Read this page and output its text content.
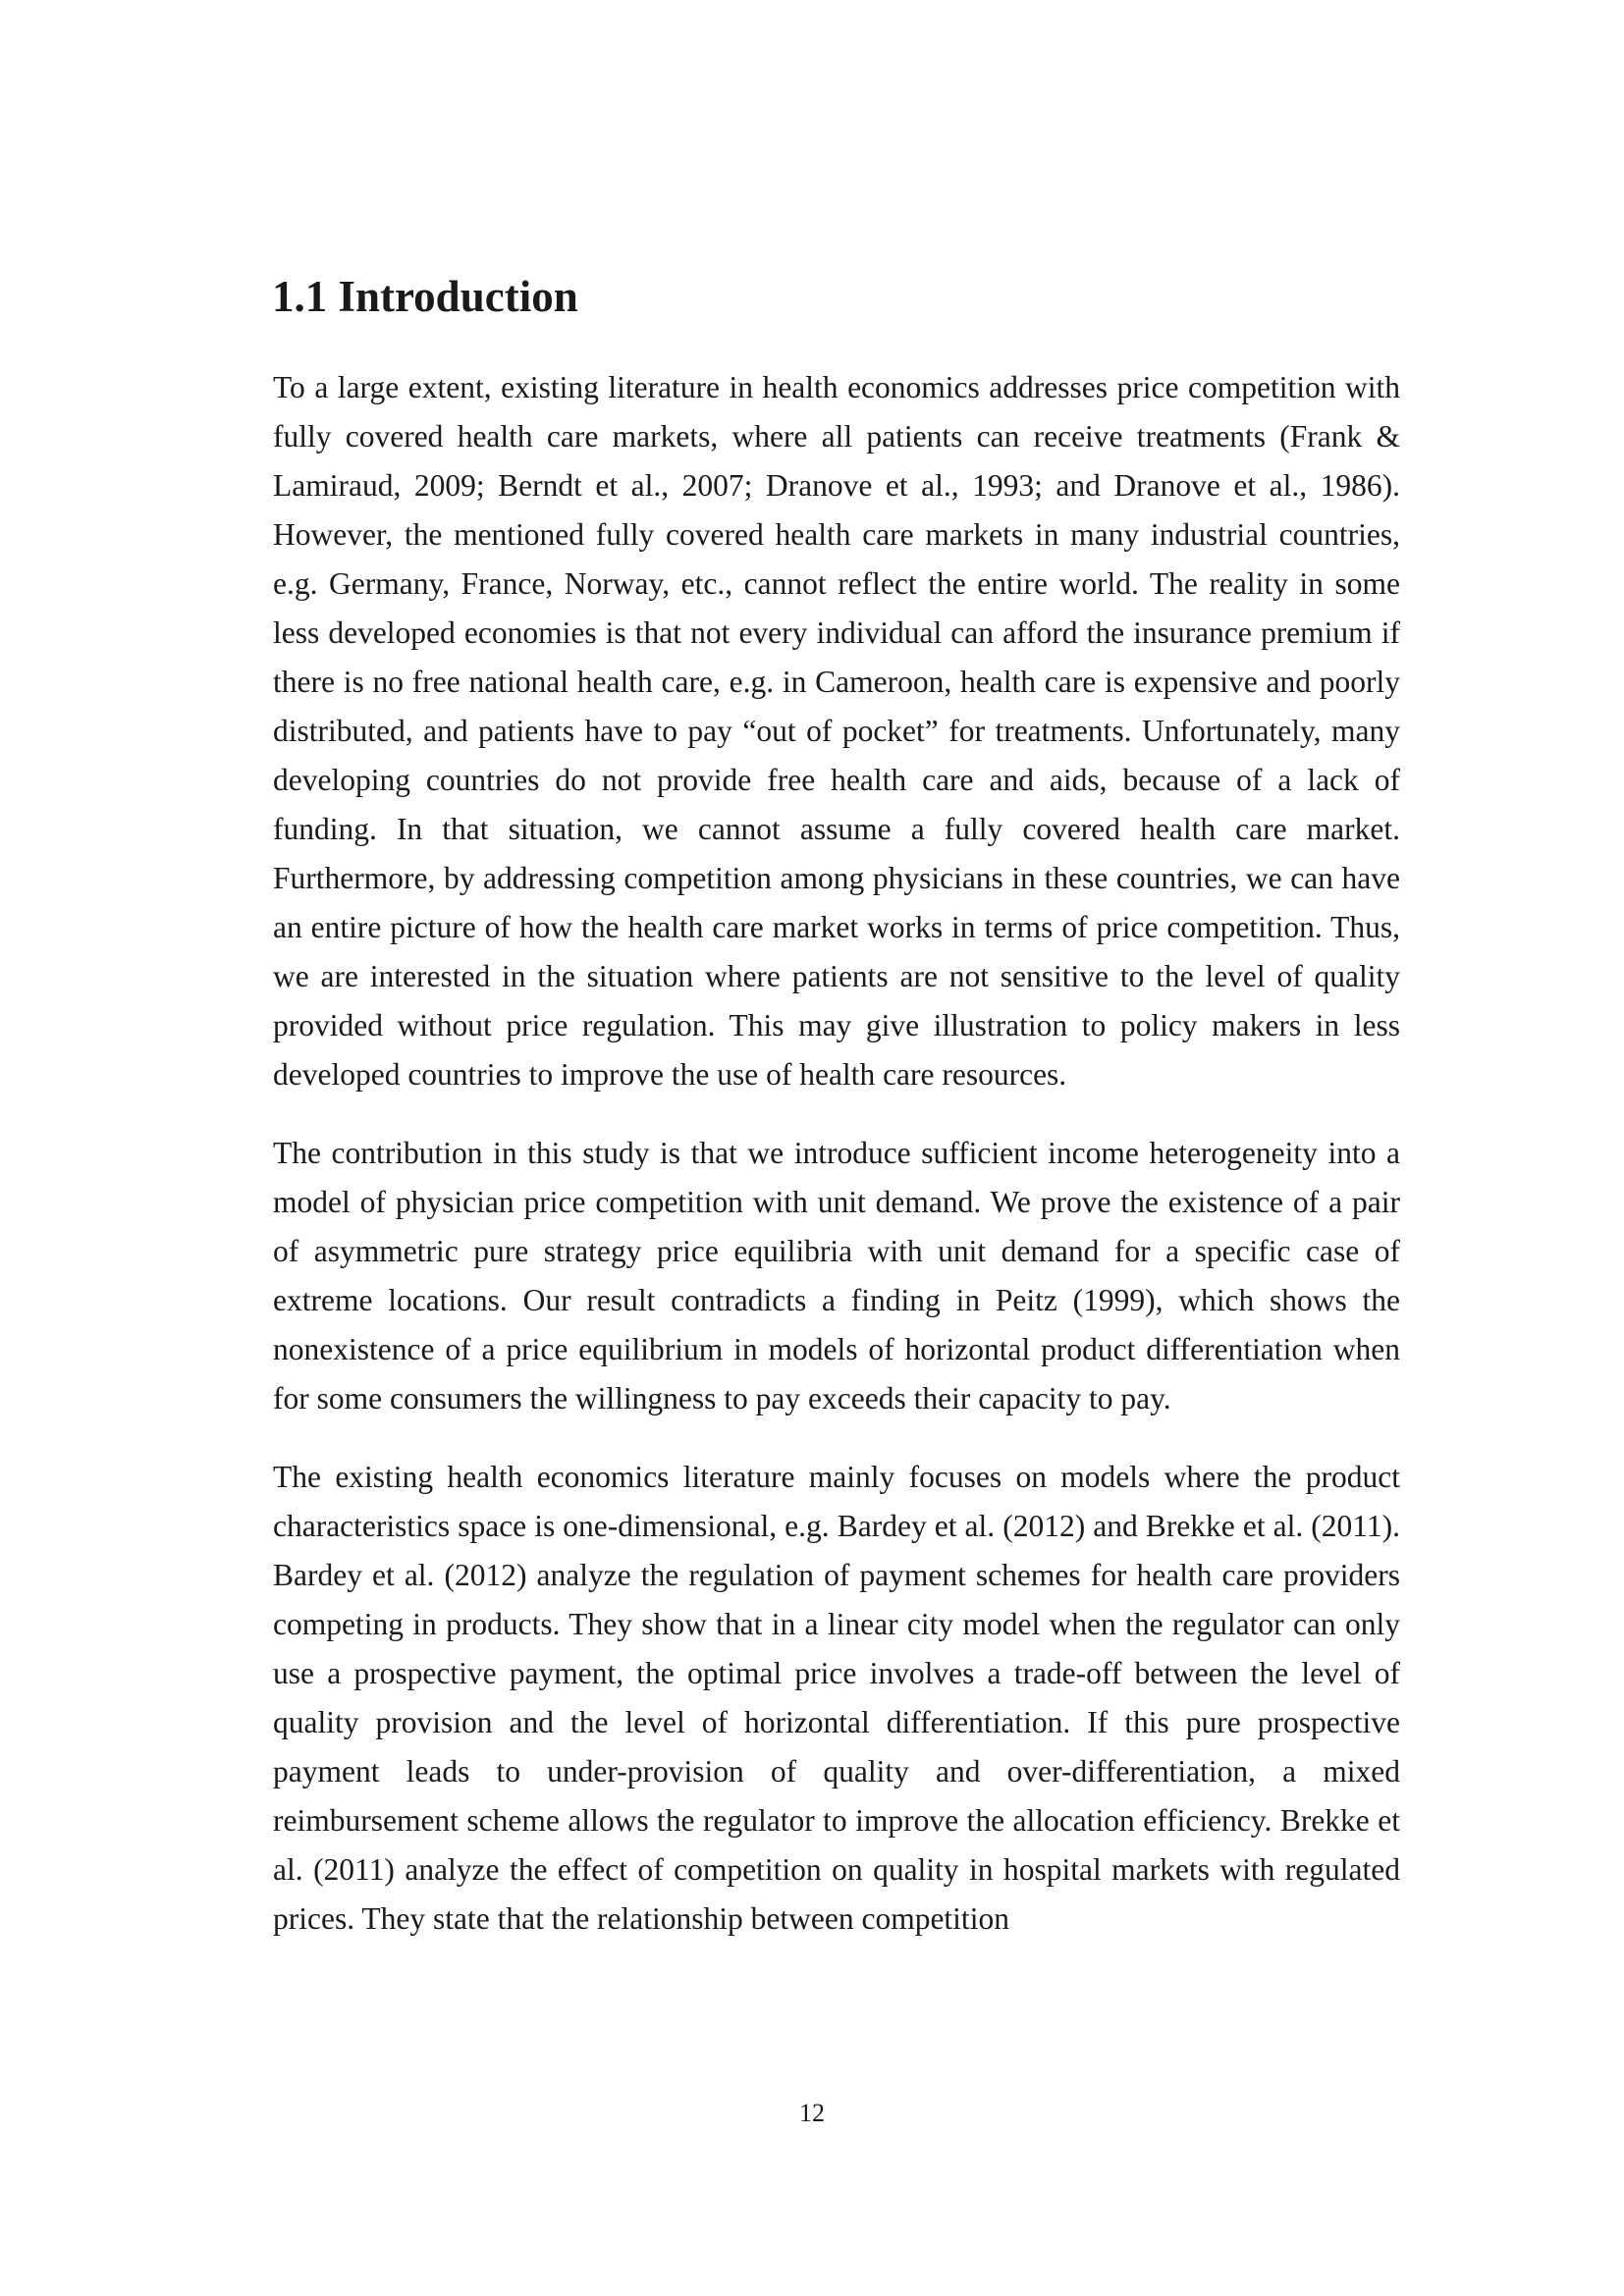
1.1 Introduction

To a large extent, existing literature in health economics addresses price competition with fully covered health care markets, where all patients can receive treatments (Frank & Lamiraud, 2009; Berndt et al., 2007; Dranove et al., 1993; and Dranove et al., 1986). However, the mentioned fully covered health care markets in many industrial countries, e.g. Germany, France, Norway, etc., cannot reflect the entire world. The reality in some less developed economies is that not every individual can afford the insurance premium if there is no free national health care, e.g. in Cameroon, health care is expensive and poorly distributed, and patients have to pay “out of pocket” for treatments. Unfortunately, many developing countries do not provide free health care and aids, because of a lack of funding. In that situation, we cannot assume a fully covered health care market. Furthermore, by addressing competition among physicians in these countries, we can have an entire picture of how the health care market works in terms of price competition. Thus, we are interested in the situation where patients are not sensitive to the level of quality provided without price regulation. This may give illustration to policy makers in less developed countries to improve the use of health care resources.

The contribution in this study is that we introduce sufficient income heterogeneity into a model of physician price competition with unit demand. We prove the existence of a pair of asymmetric pure strategy price equilibria with unit demand for a specific case of extreme locations. Our result contradicts a finding in Peitz (1999), which shows the nonexistence of a price equilibrium in models of horizontal product differentiation when for some consumers the willingness to pay exceeds their capacity to pay.

The existing health economics literature mainly focuses on models where the product characteristics space is one-dimensional, e.g. Bardey et al. (2012) and Brekke et al. (2011). Bardey et al. (2012) analyze the regulation of payment schemes for health care providers competing in products. They show that in a linear city model when the regulator can only use a prospective payment, the optimal price involves a trade-off between the level of quality provision and the level of horizontal differentiation. If this pure prospective payment leads to under-provision of quality and over-differentiation, a mixed reimbursement scheme allows the regulator to improve the allocation efficiency. Brekke et al. (2011) analyze the effect of competition on quality in hospital markets with regulated prices. They state that the relationship between competition

12
